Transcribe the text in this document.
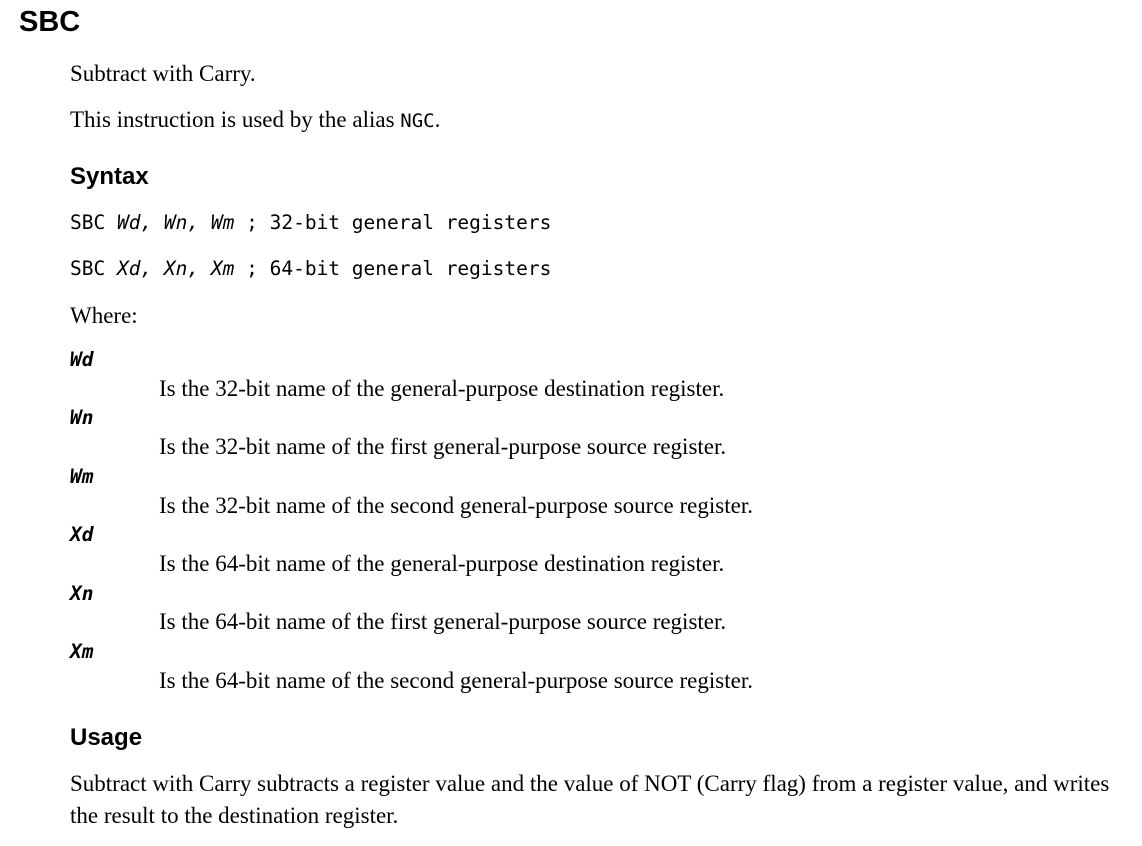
SBC

Subtract with Carry.

This instruction is used by the alias NGC.

Syntax

SBC Wd, Wn, Wm ; 32-bit general registers

SBC Xd, Xn, Xm ; 64-bit general registers

Where:

Wd

Is the 32-bit name of the general-purpose destination register.

Wn

Is the 32-bit name of the first general-purpose source register.

Wm

Is the 32-bit name of the second general-purpose source register.

Xd

Is the 64-bit name of the general-purpose destination register.

Xn

Is the 64-bit name of the first general-purpose source register.

Xm

Is the 64-bit name of the second general-purpose source register.

Usage

Subtract with Carry subtracts a register value and the value of NOT (Carry flag) from a register value, and writes the result to the destination register.
